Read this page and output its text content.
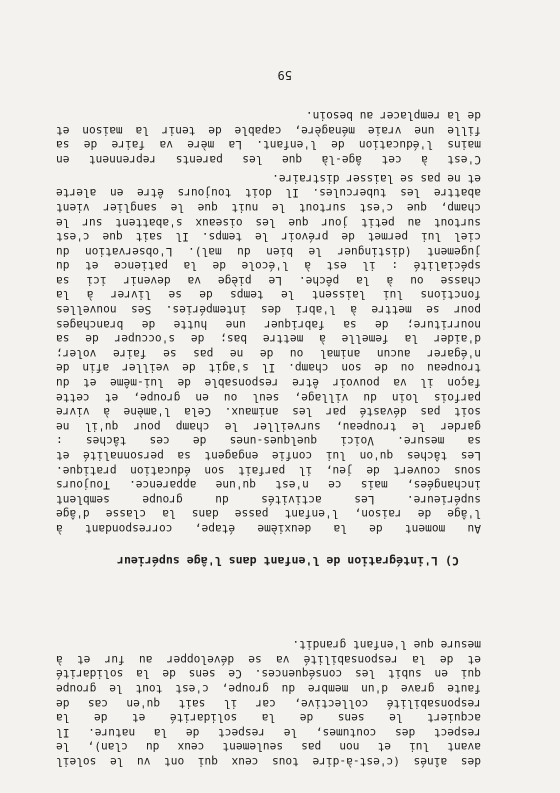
des aînés (c'est-à-dire tous ceux qui ont vu le soleil
avant lui et non pas seulement ceux du clan), le
respect des coutumes, le respect de la nature. Il
acquiert le sens de la solidarité et de la
responsabilité collective, car il sait qu'en cas de
faute grave d'un membre du groupe, c'est tout le groupe
qui en subit les conséquences. Ce sens de la solidarité
et de la responsabilité va se développer au fur et à
mesure que l'enfant grandit.
C) L'intégration de l'enfant dans l'âge supérieur
Au moment de la deuxième étape, correspondant à
l'âge de raison, l'enfant passe dans la classe d'âge
supérieure. Les activités du groupe semblent
inchangées, mais ce n'est qu'une apparence. Toujours
sous couvert de jeu, il parfait son éducation pratique.
Les tâches qu'on lui confie engagent sa personnalité et
sa mesure. Voici quelques-unes de ces tâches :
garder le troupeau, surveiller le champ pour qu'il ne
soit pas dévasté par les animaux. Cela l'amène à vivre
parfois loin du village, seul ou en groupe, et cette
façon il va pouvoir être responsable de lui-même et du
troupeau ou de son champ. Il s'agit de veiller afin de
n'égarer aucun animal ou de ne pas se faire voler;
d'aider la femelle à mettre bas; de s'occuper de sa
nourriture; de sa fabriquer une hutte de branchages
pour se mettre à l'abri des intempéries. Ses nouvelles
fonctions lui laissent le temps de se livrer à la
chasse ou à la pêche. Le piège va devenir ici sa
spécialité : il est à l'école de la patience et du
jugement (distinguer le bien du mal). L'observation du
ciel lui permet de prévoir le temps. Il sait que c'est
surtout au petit jour que les oiseaux s'abattent sur le
champ, que c'est surtout le nuit que le sanglier vient
abattre les tubercules. Il doit toujours être en alerte
et ne pas se laisser distraire.
C'est à cet âge-là que les parents reprennent en
mains l'éducation de l'enfant. La mère va faire de sa
fille une vraie ménagère, capable de tenir la maison et
de la remplacer au besoin.
59
